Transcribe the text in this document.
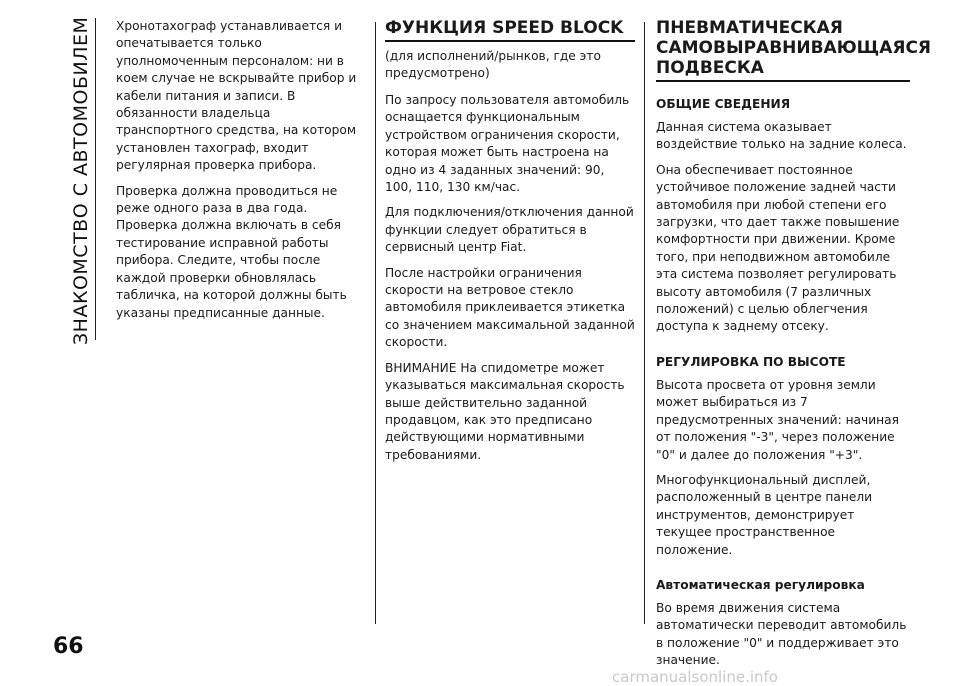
ЗНАКОМСТВО С АВТОМОБИЛЕМ
66

Хронотахограф устанавливается и опечатывается только уполномоченным персоналом: ни в коем случае не вскрывайте прибор и кабели питания и записи. В обязанности владельца транспортного средства, на котором установлен тахограф, входит регулярная проверка прибора.

Проверка должна проводиться не реже одного раза в два года. Проверка должна включать в себя тестирование исправной работы прибора. Следите, чтобы после каждой проверки обновлялась табличка, на которой должны быть указаны предписанные данные.

ФУНКЦИЯ SPEED BLOCK

(для исполнений/рынков, где это предусмотрено)

По запросу пользователя автомобиль оснащается функциональным устройством ограничения скорости, которая может быть настроена на одно из 4 заданных значений: 90, 100, 110, 130 км/час.

Для подключения/отключения данной функции следует обратиться в сервисный центр Fiat.

После настройки ограничения скорости на ветровое стекло автомобиля приклеивается этикетка со значением максимальной заданной скорости.

ВНИМАНИЕ На спидометре может указываться максимальная скорость выше действительно заданной продавцом, как это предписано действующими нормативными требованиями.

ПНЕВМАТИЧЕСКАЯ САМОВЫРАВНИВАЮЩАЯСЯ ПОДВЕСКА
ОБЩИЕ СВЕДЕНИЯ

Данная система оказывает воздействие только на задние колеса.

Она обеспечивает постоянное устойчивое положение задней части автомобиля при любой степени его загрузки, что дает также повышение комфортности при движении. Кроме того, при неподвижном автомобиле эта система позволяет регулировать высоту автомобиля (7 различных положений) с целью облегчения доступа к заднему отсеку.

РЕГУЛИРОВКА ПО ВЫСОТЕ

Высота просвета от уровня земли может выбираться из 7 предусмотренных значений: начиная от положения "-3", через положение "0" и далее до положения "+3".

Многофункциональный дисплей, расположенный в центре панели инструментов, демонстрирует текущее пространственное положение.

Автоматическая регулировка

Во время движения система автоматически переводит автомобиль в положение "0" и поддерживает это значение.

carmanualsonline.info
